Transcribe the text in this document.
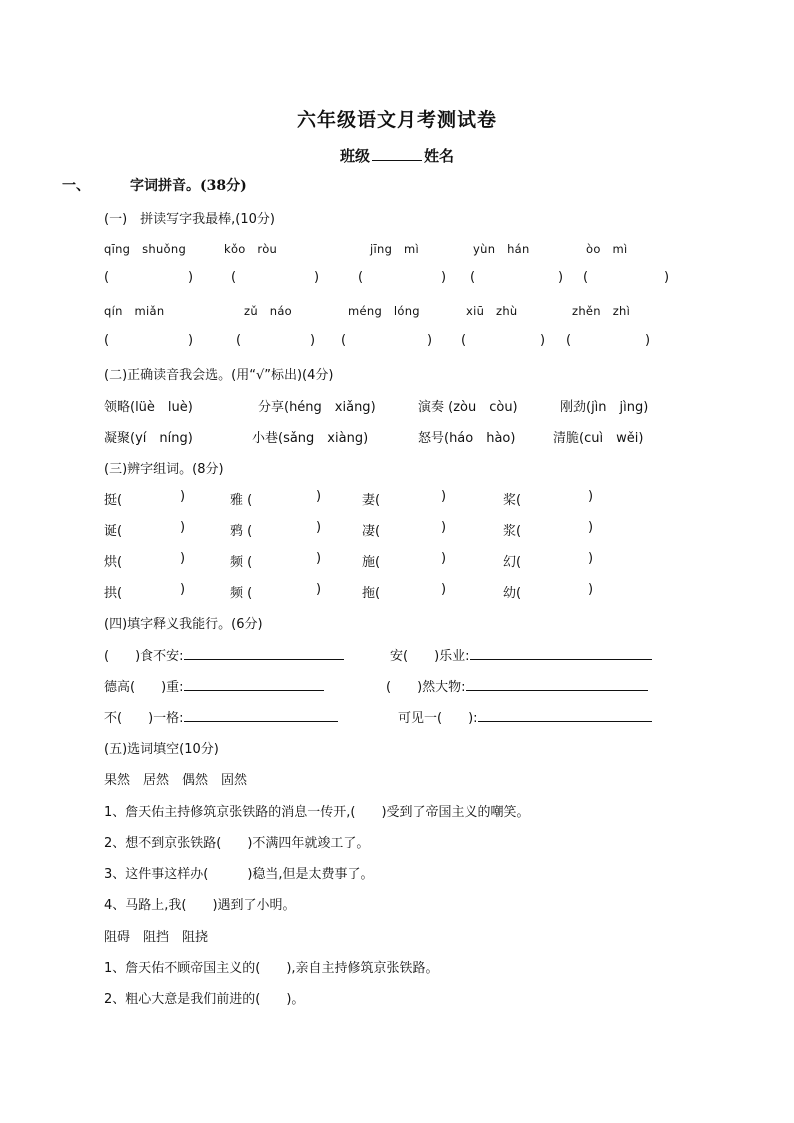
六年级语文月考测试卷
班级	姓名
一、	字词拼音。(38分)
(一)　拼读写字我最棒,(10分)
qīng　shuǒng	kǒo　ròu	jīng　mì	yùn　hán	òo　mì
(	)	(	)	(	) (	) (	)
qín　miǎn	zǔ　náo	méng　lóng	xiū　zhù	zhěn　zhì
(	)	(	) (	) (	) (	)
(二)正确读音我会选。(用“√”标出)(4分)
领略(lüè　luè)	分享(héng　xiǎng)	演奏 (zòu　còu)	刚劲(jìn　jìng)
凝聚(yí　níng)	小巷(sǎng　xiàng)	怒号(háo　hào)	清脆(cuì　wěi)
(三)辨字组词。(8分)
挺(	)	雅 (	)	妻(	)	桨(	)
诞(	)	鸦 (	)	凄(	)	浆(	)
烘(	)	频 (	)	施(	)	幻(	)
拱(	)	频 (	)	拖(	)	幼(	)
(四)填字释义我能行。(6分)
(　　)食不安:	安(　　)乐业:
德高(　　)重:	(　　)然大物:
不(　　)一格:	可见一(　　):
(五)选词填空(10分)
果然　居然　偶然　固然
1、詹天佑主持修筑京张铁路的消息一传开,(　　)受到了帝国主义的嘲笑。
2、想不到京张铁路(　　)不满四年就竣工了。
3、这件事这样办(　　　)稳当,但是太费事了。
4、马路上,我(　　)遇到了小明。
阻碍　阻挡　阻挠
1、詹天佑不顾帝国主义的(　　),亲自主持修筑京张铁路。
2、粗心大意是我们前进的(　　)。
